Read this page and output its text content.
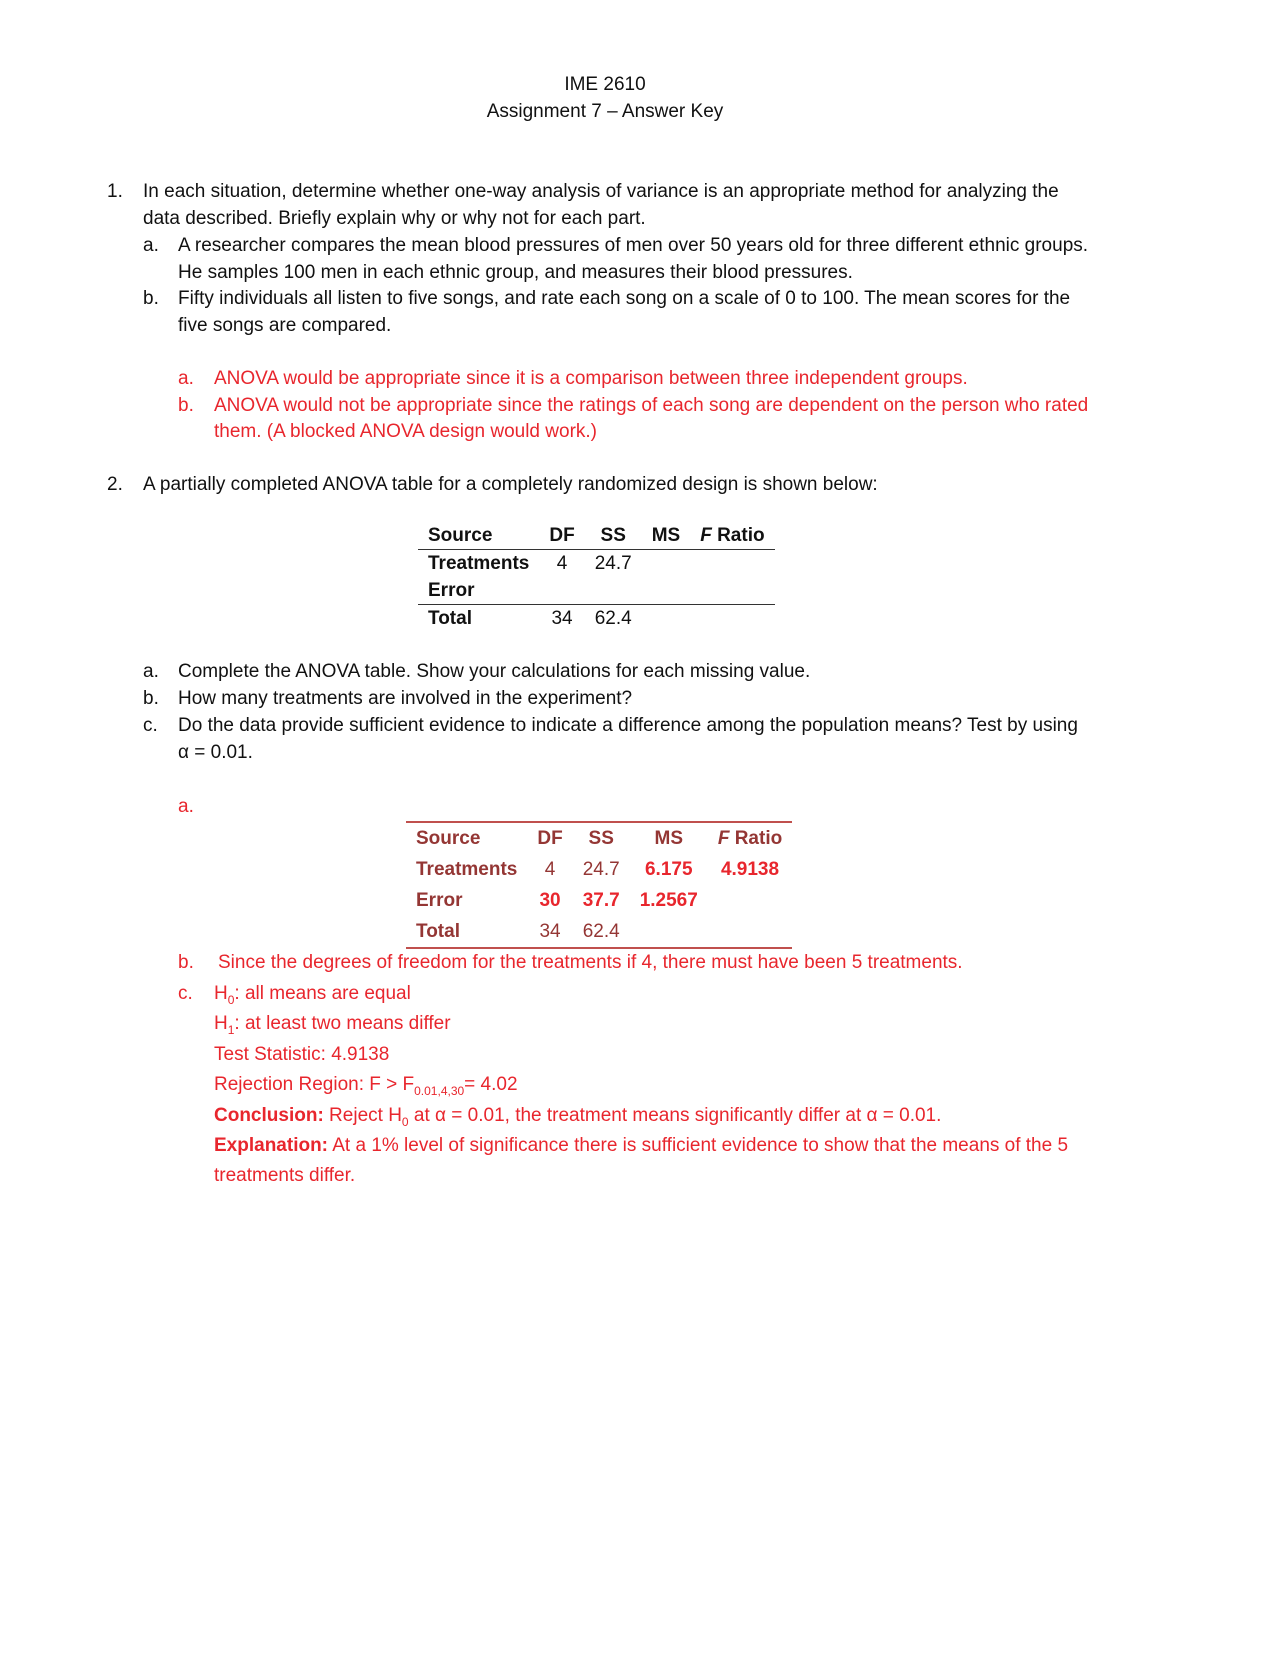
IME 2610
Assignment 7 – Answer Key
1. In each situation, determine whether one-way analysis of variance is an appropriate method for analyzing the
data described. Briefly explain why or why not for each part.
a. A researcher compares the mean blood pressures of men over 50 years old for three different ethnic groups.
He samples 100 men in each ethnic group, and measures their blood pressures.
b. Fifty individuals all listen to five songs, and rate each song on a scale of 0 to 100. The mean scores for the
five songs are compared.
a. ANOVA would be appropriate since it is a comparison between three independent groups.
b. ANOVA would not be appropriate since the ratings of each song are dependent on the person who rated
them. (A blocked ANOVA design would work.)
2. A partially completed ANOVA table for a completely randomized design is shown below:
Source	DF	SS	MS	F Ratio
Treatments	4	24.7		
Error				
Total	34	62.4		
a. Complete the ANOVA table. Show your calculations for each missing value.
b. How many treatments are involved in the experiment?
c. Do the data provide sufficient evidence to indicate a difference among the population means? Test by using
α = 0.01.
a.
Source	DF	SS	MS	F Ratio
Treatments	4	24.7	6.175	4.9138
Error	30	37.7	1.2567	
Total	34	62.4		
b. Since the degrees of freedom for the treatments if 4, there must have been 5 treatments.
c. $H_0$: all means are equal
$H_1$: at least two means differ
Test Statistic: 4.9138
Rejection Region: $F > F_{0.01,4,30}= 4.02$
Conclusion: Reject $H_0$ at α = 0.01, the treatment means significantly differ at α = 0.01.
Explanation: At a 1% level of significance there is sufficient evidence to show that the means of the 5
treatments differ.
